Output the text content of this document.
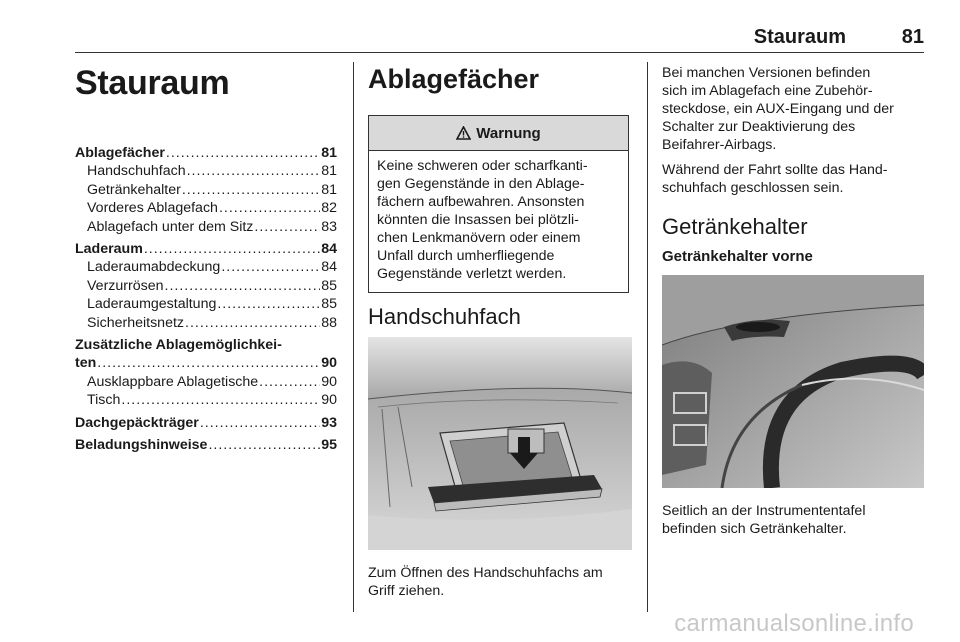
Stauraum	81
Stauraum
Ablagefächer .....	81
Handschuhfach .....	81
Getränkehalter .....	81
Vorderes Ablagefach .....	82
Ablagefach unter dem Sitz .....	83
Laderaum .....	84
Laderaumabdeckung .....	84
Verzurrösen .....	85
Laderaumgestaltung .....	85
Sicherheitsnetz .....	88
Zusätzliche Ablagemöglichkei-
ten .....	90
Ausklappbare Ablagetische .....	90
Tisch .....	90
Dachgepäckträger .....	93
Beladungshinweise .....	95
Ablagefächer
Warnung
Keine schweren oder scharfkanti-
gen Gegenstände in den Ablage-
fächern aufbewahren. Ansonsten
könnten die Insassen bei plötzli-
chen Lenkmanövern oder einem
Unfall durch umherfliegende
Gegenstände verletzt werden.
Handschuhfach
Zum Öffnen des Handschuhfachs am
Griff ziehen.
Bei manchen Versionen befinden
sich im Ablagefach eine Zubehör-
steckdose, ein AUX-Eingang und der
Schalter zur Deaktivierung des
Beifahrer-Airbags.
Während der Fahrt sollte das Hand-
schuhfach geschlossen sein.
Getränkehalter
Getränkehalter vorne
Seitlich an der Instrumententafel
befinden sich Getränkehalter.
carmanualsonline.info
